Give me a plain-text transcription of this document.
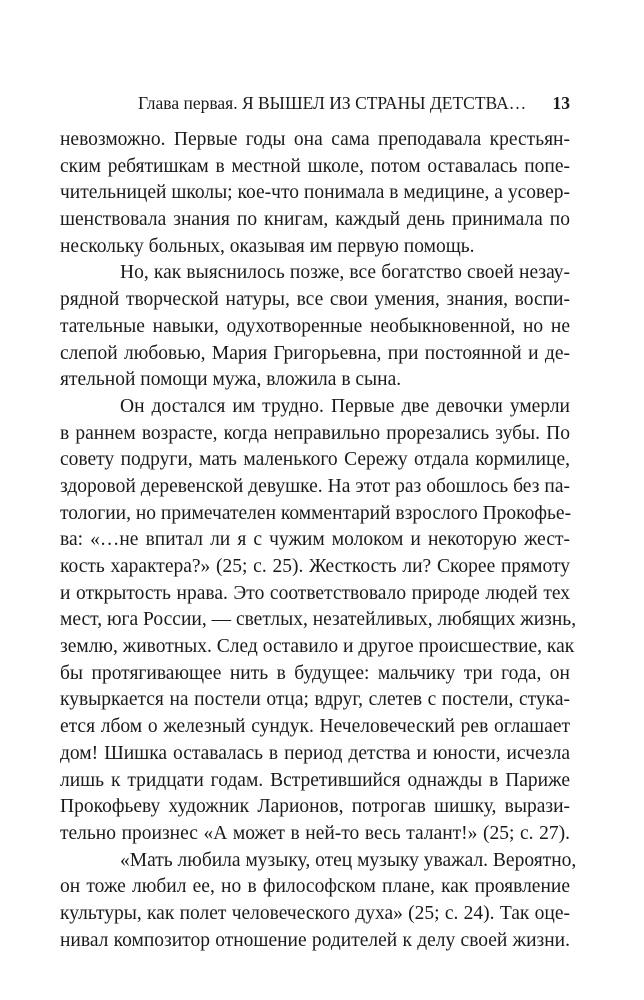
Глава первая. Я ВЫШЕЛ ИЗ СТРАНЫ ДЕТСТВА… 13
невозможно. Первые годы она сама преподавала крестьян-
ским ребятишкам в местной школе, потом оставалась попе-
чительницей школы; кое-что понимала в медицине, а усовер-
шенствовала знания по книгам, каждый день принимала по
нескольку больных, оказывая им первую помощь.
Но, как выяснилось позже, все богатство своей незау-
рядной творческой натуры, все свои умения, знания, воспи-
тательные навыки, одухотворенные необыкновенной, но не
слепой любовью, Мария Григорьевна, при постоянной и де-
ятельной помощи мужа, вложила в сына.
Он достался им трудно. Первые две девочки умерли
в раннем возрасте, когда неправильно прорезались зубы. По
совету подруги, мать маленького Сережу отдала кормилице,
здоровой деревенской девушке. На этот раз обошлось без па-
тологии, но примечателен комментарий взрослого Прокофье-
ва: «…не впитал ли я с чужим молоком и некоторую жест-
кость характера?» (25; с. 25). Жесткость ли? Скорее прямоту
и открытость нрава. Это соответствовало природе людей тех
мест, юга России, — светлых, незатейливых, любящих жизнь,
землю, животных. След оставило и другое происшествие, как
бы протягивающее нить в будущее: мальчику три года, он
кувыркается на постели отца; вдруг, слетев с постели, стука-
ется лбом о железный сундук. Нечеловеческий рев оглашает
дом! Шишка оставалась в период детства и юности, исчезла
лишь к тридцати годам. Встретившийся однажды в Париже
Прокофьеву художник Ларионов, потрогав шишку, вырази-
тельно произнес «А может в ней-то весь талант!» (25; с. 27).
«Мать любила музыку, отец музыку уважал. Вероятно,
он тоже любил ее, но в философском плане, как проявление
культуры, как полет человеческого духа» (25; с. 24). Так оце-
нивал композитор отношение родителей к делу своей жизни.
